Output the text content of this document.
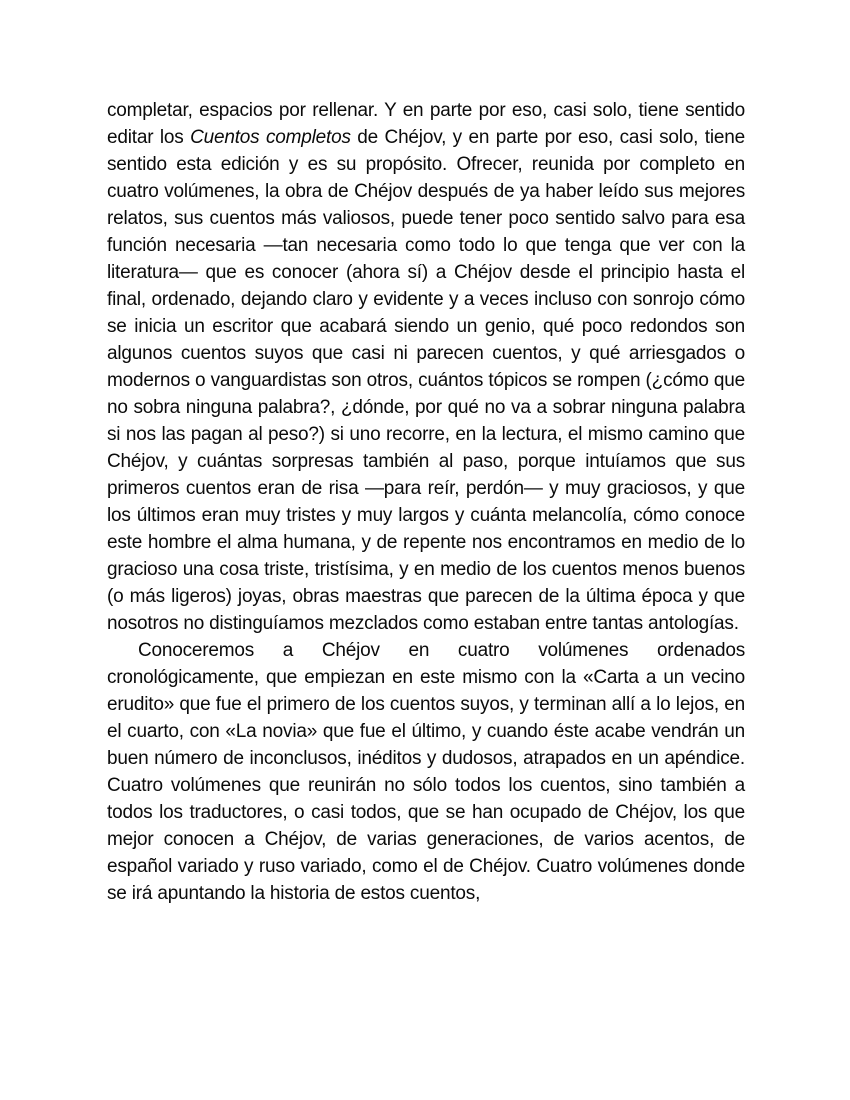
completar, espacios por rellenar. Y en parte por eso, casi solo, tiene sentido editar los Cuentos completos de Chéjov, y en parte por eso, casi solo, tiene sentido esta edición y es su propósito. Ofrecer, reunida por completo en cuatro volúmenes, la obra de Chéjov después de ya haber leído sus mejores relatos, sus cuentos más valiosos, puede tener poco sentido salvo para esa función necesaria —tan necesaria como todo lo que tenga que ver con la literatura— que es conocer (ahora sí) a Chéjov desde el principio hasta el final, ordenado, dejando claro y evidente y a veces incluso con sonrojo cómo se inicia un escritor que acabará siendo un genio, qué poco redondos son algunos cuentos suyos que casi ni parecen cuentos, y qué arriesgados o modernos o vanguardistas son otros, cuántos tópicos se rompen (¿cómo que no sobra ninguna palabra?, ¿dónde, por qué no va a sobrar ninguna palabra si nos las pagan al peso?) si uno recorre, en la lectura, el mismo camino que Chéjov, y cuántas sorpresas también al paso, porque intuíamos que sus primeros cuentos eran de risa —para reír, perdón— y muy graciosos, y que los últimos eran muy tristes y muy largos y cuánta melancolía, cómo conoce este hombre el alma humana, y de repente nos encontramos en medio de lo gracioso una cosa triste, tristísima, y en medio de los cuentos menos buenos (o más ligeros) joyas, obras maestras que parecen de la última época y que nosotros no distinguíamos mezclados como estaban entre tantas antologías.

Conoceremos a Chéjov en cuatro volúmenes ordenados cronológicamente, que empiezan en este mismo con la «Carta a un vecino erudito» que fue el primero de los cuentos suyos, y terminan allí a lo lejos, en el cuarto, con «La novia» que fue el último, y cuando éste acabe vendrán un buen número de inconclusos, inéditos y dudosos, atrapados en un apéndice. Cuatro volúmenes que reunirán no sólo todos los cuentos, sino también a todos los traductores, o casi todos, que se han ocupado de Chéjov, los que mejor conocen a Chéjov, de varias generaciones, de varios acentos, de español variado y ruso variado, como el de Chéjov. Cuatro volúmenes donde se irá apuntando la historia de estos cuentos,
